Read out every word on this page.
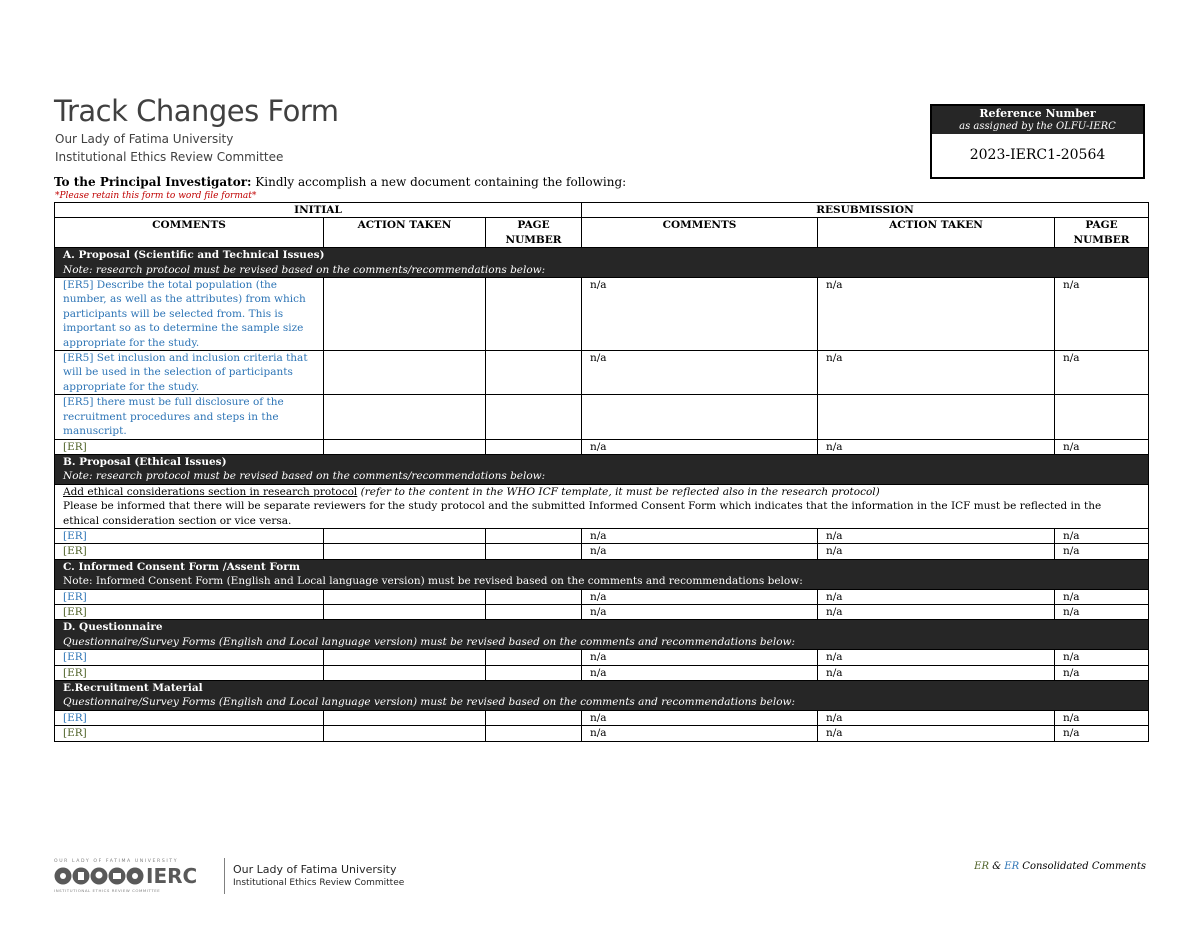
Track Changes Form
Our Lady of Fatima University
Institutional Ethics Review Committee
Reference Number
as assigned by the OLFU-IERC
2023-IERC1-20564
To the Principal Investigator: Kindly accomplish a new document containing the following:
*Please retain this form to word file format*
INITIAL			RESUBMISSION		
COMMENTS	ACTION TAKEN	PAGE NUMBER	COMMENTS	ACTION TAKEN	PAGE NUMBER

A. Proposal (Scientific and Technical Issues)
Note: research protocol must be revised based on the comments/recommendations below:					

[ER5] Describe the total population (the number, as well as the attributes) from which participants will be selected from. This is important so as to determine the sample size appropriate for the study.			n/a	n/a	n/a
[ER5] Set inclusion and inclusion criteria that will be used in the selection of participants appropriate for the study.			n/a	n/a	n/a
[ER5] there must be full disclosure of the recruitment procedures and steps in the manuscript.					
[ER]			n/a	n/a	n/a

B. Proposal (Ethical Issues)
Note: research protocol must be revised based on the comments/recommendations below:					

Add ethical considerations section in research protocol (refer to the content in the WHO ICF template, it must be reflected also in the research protocol)
Please be informed that there will be separate reviewers for the study protocol and the submitted Informed Consent Form which indicates that the information in the ICF must be reflected in the ethical consideration section or vice versa.					

[ER]			n/a	n/a	n/a
[ER]			n/a	n/a	n/a

C. Informed Consent Form /Assent Form
Note: Informed Consent Form (English and Local language version) must be revised based on the comments and recommendations below:					

[ER]			n/a	n/a	n/a
[ER]			n/a	n/a	n/a

D. Questionnaire
Questionnaire/Survey Forms (English and Local language version) must be revised based on the comments and recommendations below:					

[ER]			n/a	n/a	n/a
[ER]			n/a	n/a	n/a

E.Recruitment Material
Questionnaire/Survey Forms (English and Local language version) must be revised based on the comments and recommendations below:					

[ER]			n/a	n/a	n/a
[ER]			n/a	n/a	n/a
OUR LADY OF FATIMA UNIVERSITY
IERC
INSTITUTIONAL ETHICS REVIEW COMMITTEE
Our Lady of Fatima University
Institutional Ethics Review Committee
ER & ER Consolidated Comments
